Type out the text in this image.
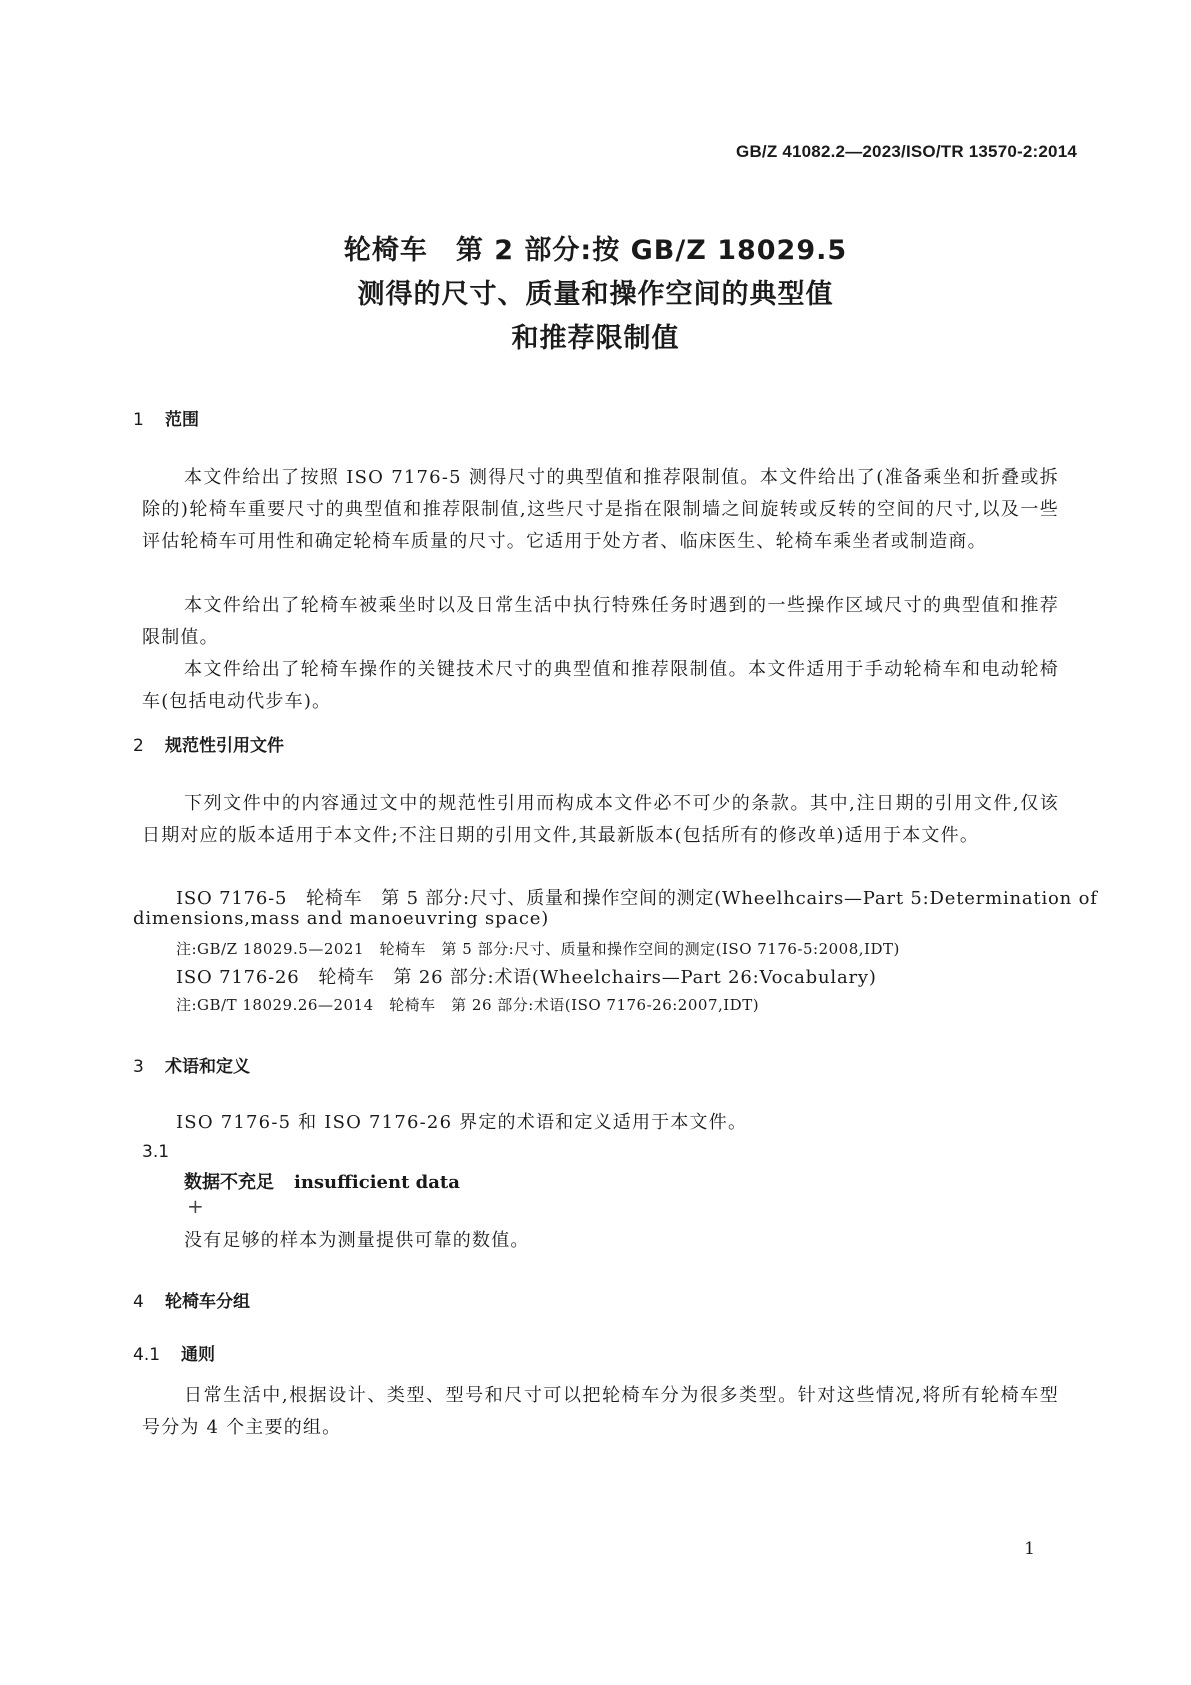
GB/Z 41082.2—2023/ISO/TR 13570-2:2014
轮椅车　第 2 部分:按 GB/Z 18029.5
测得的尺寸、质量和操作空间的典型值
和推荐限制值
1 范围
本文件给出了按照 ISO 7176-5 测得尺寸的典型值和推荐限制值。本文件给出了(准备乘坐和折叠或拆除的)轮椅车重要尺寸的典型值和推荐限制值,这些尺寸是指在限制墙之间旋转或反转的空间的尺寸,以及一些评估轮椅车可用性和确定轮椅车质量的尺寸。它适用于处方者、临床医生、轮椅车乘坐者或制造商。
本文件给出了轮椅车被乘坐时以及日常生活中执行特殊任务时遇到的一些操作区域尺寸的典型值和推荐限制值。
本文件给出了轮椅车操作的关键技术尺寸的典型值和推荐限制值。本文件适用于手动轮椅车和电动轮椅车(包括电动代步车)。
2 规范性引用文件
下列文件中的内容通过文中的规范性引用而构成本文件必不可少的条款。其中,注日期的引用文件,仅该日期对应的版本适用于本文件;不注日期的引用文件,其最新版本(包括所有的修改单)适用于本文件。
ISO 7176-5　轮椅车　第 5 部分:尺寸、质量和操作空间的测定(Wheelhcairs—Part 5:Determination of
dimensions,mass and manoeuvring space)
注:GB/Z 18029.5—2021　轮椅车　第 5 部分:尺寸、质量和操作空间的测定(ISO 7176-5:2008,IDT)
ISO 7176-26　轮椅车　第 26 部分:术语(Wheelchairs—Part 26:Vocabulary)
注:GB/T 18029.26—2014　轮椅车　第 26 部分:术语(ISO 7176-26:2007,IDT)
3 术语和定义
ISO 7176-5 和 ISO 7176-26 界定的术语和定义适用于本文件。
3.1
数据不充足 insufficient data
+
没有足够的样本为测量提供可靠的数值。
4 轮椅车分组
4.1 通则
日常生活中,根据设计、类型、型号和尺寸可以把轮椅车分为很多类型。针对这些情况,将所有轮椅车型号分为 4 个主要的组。
1
